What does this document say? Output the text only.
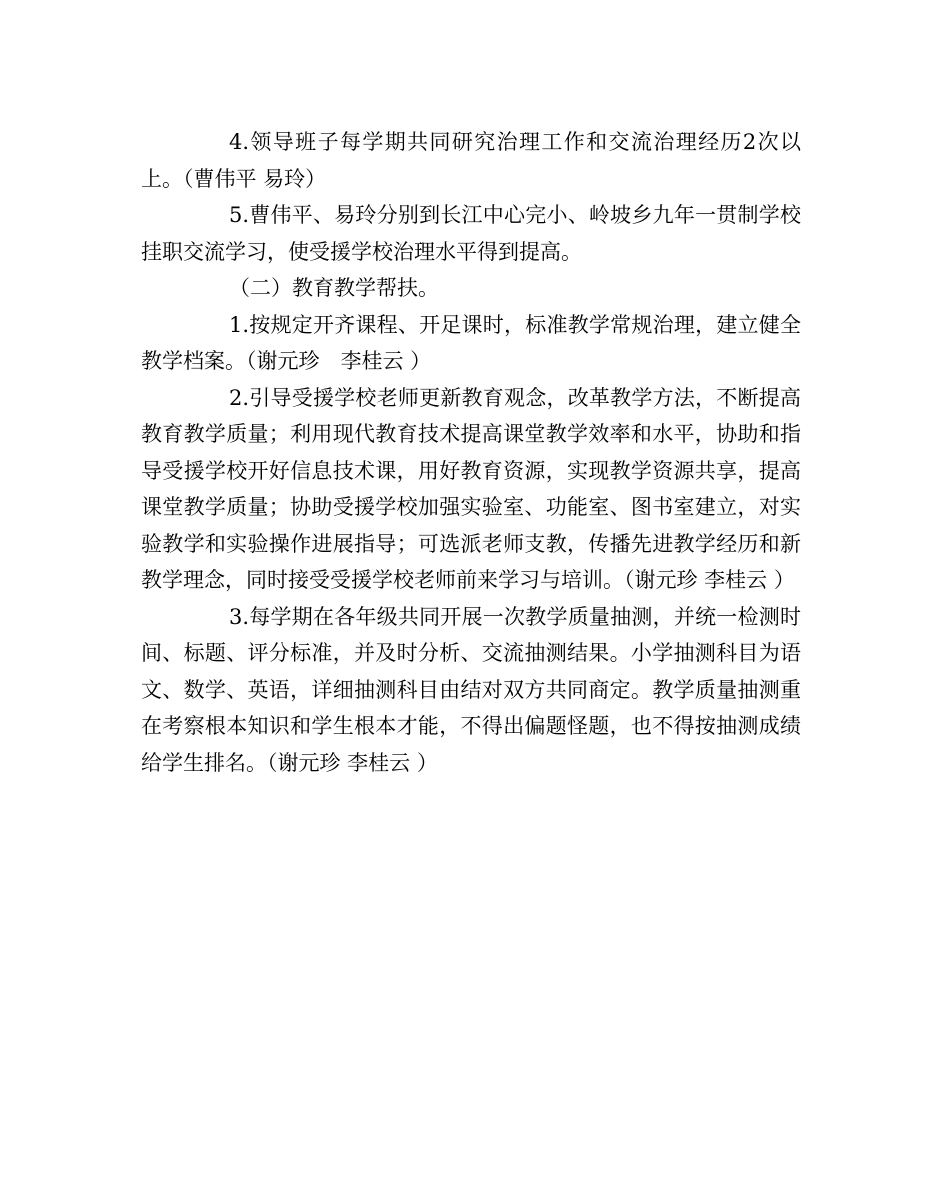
4.领导班子每学期共同研究治理工作和交流治理经历2次以上。（曹伟平 易玲）

5.曹伟平、易玲分别到长江中心完小、岭坡乡九年一贯制学校挂职交流学习，使受援学校治理水平得到提高。

（二）教育教学帮扶。

1.按规定开齐课程、开足课时，标准教学常规治理，建立健全教学档案。（谢元珍　李桂云 ）

2.引导受援学校老师更新教育观念，改革教学方法，不断提高教育教学质量；利用现代教育技术提高课堂教学效率和水平，协助和指导受援学校开好信息技术课，用好教育资源，实现教学资源共享，提高课堂教学质量；协助受援学校加强实验室、功能室、图书室建立，对实验教学和实验操作进展指导；可选派老师支教，传播先进教学经历和新教学理念，同时接受受援学校老师前来学习与培训。（谢元珍 李桂云 ）

3.每学期在各年级共同开展一次教学质量抽测，并统一检测时间、标题、评分标准，并及时分析、交流抽测结果。小学抽测科目为语文、数学、英语，详细抽测科目由结对双方共同商定。教学质量抽测重在考察根本知识和学生根本才能，不得出偏题怪题，也不得按抽测成绩给学生排名。（谢元珍 李桂云 ）
